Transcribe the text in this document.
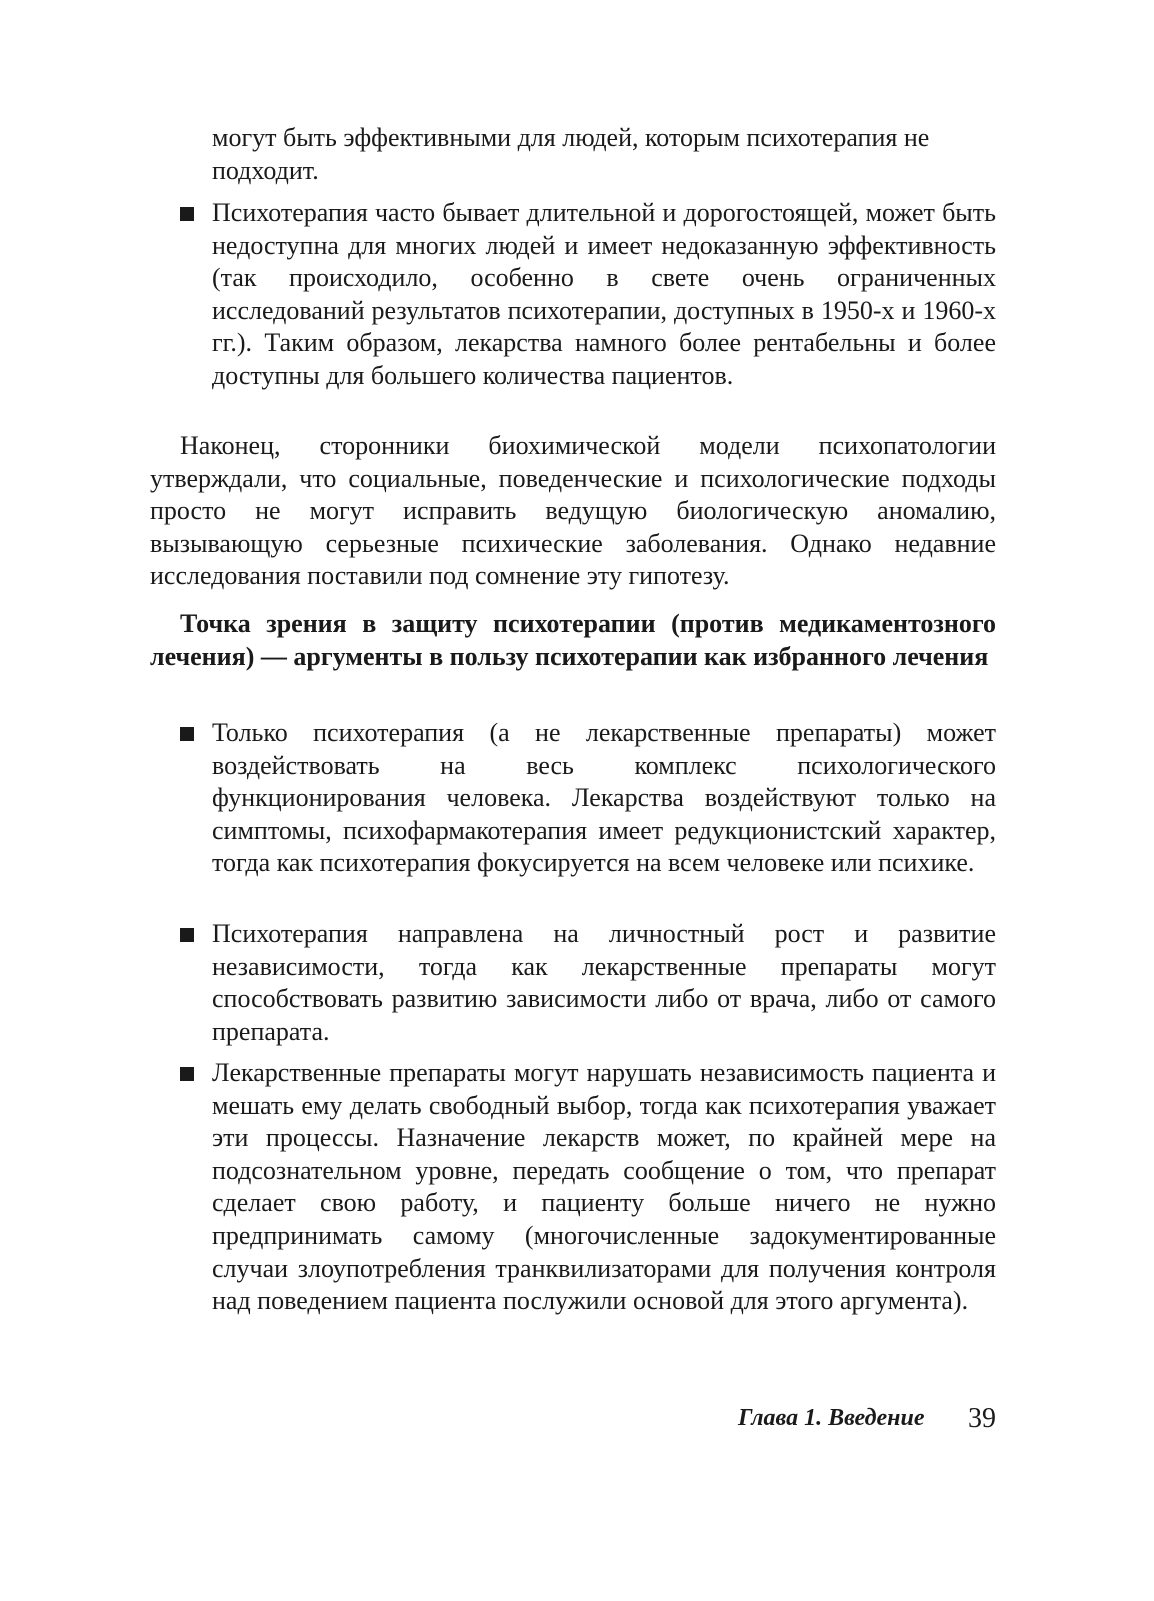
могут быть эффективными для людей, которым психотерапия не подходит.
Психотерапия часто бывает длительной и дорогостоящей, может быть недоступна для многих людей и имеет недоказанную эффективность (так происходило, особенно в свете очень ограниченных исследований результатов психотерапии, доступных в 1950-х и 1960-х гг.). Таким образом, лекарства намного более рентабельны и более доступны для большего количества пациентов.
Наконец, сторонники биохимической модели психопатологии утверждали, что социальные, поведенческие и психологические подходы просто не могут исправить ведущую биологическую аномалию, вызывающую серьезные психические заболевания. Однако недавние исследования поставили под сомнение эту гипотезу.
Точка зрения в защиту психотерапии (против медикаментозного лечения) — аргументы в пользу психотерапии как избранного лечения
Только психотерапия (а не лекарственные препараты) может воздействовать на весь комплекс психологического функционирования человека. Лекарства воздействуют только на симптомы, психофармакотерапия имеет редукционистский характер, тогда как психотерапия фокусируется на всем человеке или психике.
Психотерапия направлена на личностный рост и развитие независимости, тогда как лекарственные препараты могут способствовать развитию зависимости либо от врача, либо от самого препарата.
Лекарственные препараты могут нарушать независимость пациента и мешать ему делать свободный выбор, тогда как психотерапия уважает эти процессы. Назначение лекарств может, по крайней мере на подсознательном уровне, передать сообщение о том, что препарат сделает свою работу, и пациенту больше ничего не нужно предпринимать самому (многочисленные задокументированные случаи злоупотребления транквилизаторами для получения контроля над поведением пациента послужили основой для этого аргумента).
Глава 1. Введение 39
